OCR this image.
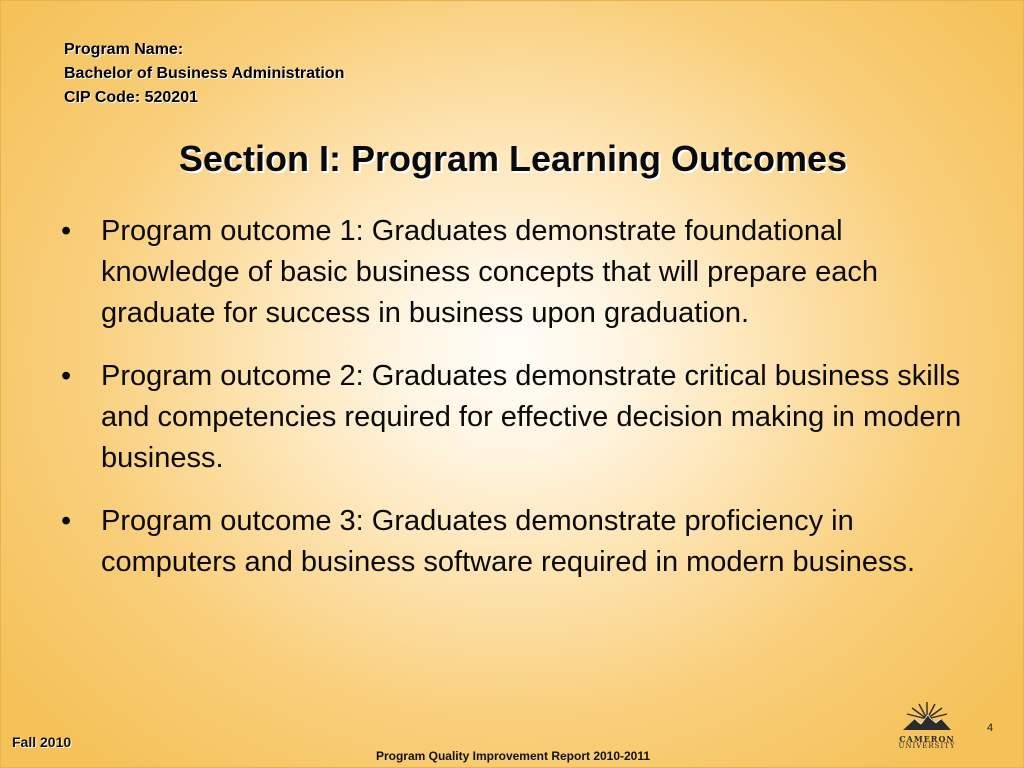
Program Name:
Bachelor of Business Administration
CIP Code: 520201
Section I: Program Learning Outcomes
•	Program outcome 1: Graduates demonstrate foundational knowledge of basic business concepts that will prepare each graduate for success in business upon graduation.
•	Program outcome 2: Graduates demonstrate critical business skills and competencies required for effective decision making in modern business.
•	Program outcome 3: Graduates demonstrate proficiency in computers and business software required in modern business.
4
CAMERON
UNIVERSITY
Fall 2010
Program Quality Improvement Report 2010-2011
